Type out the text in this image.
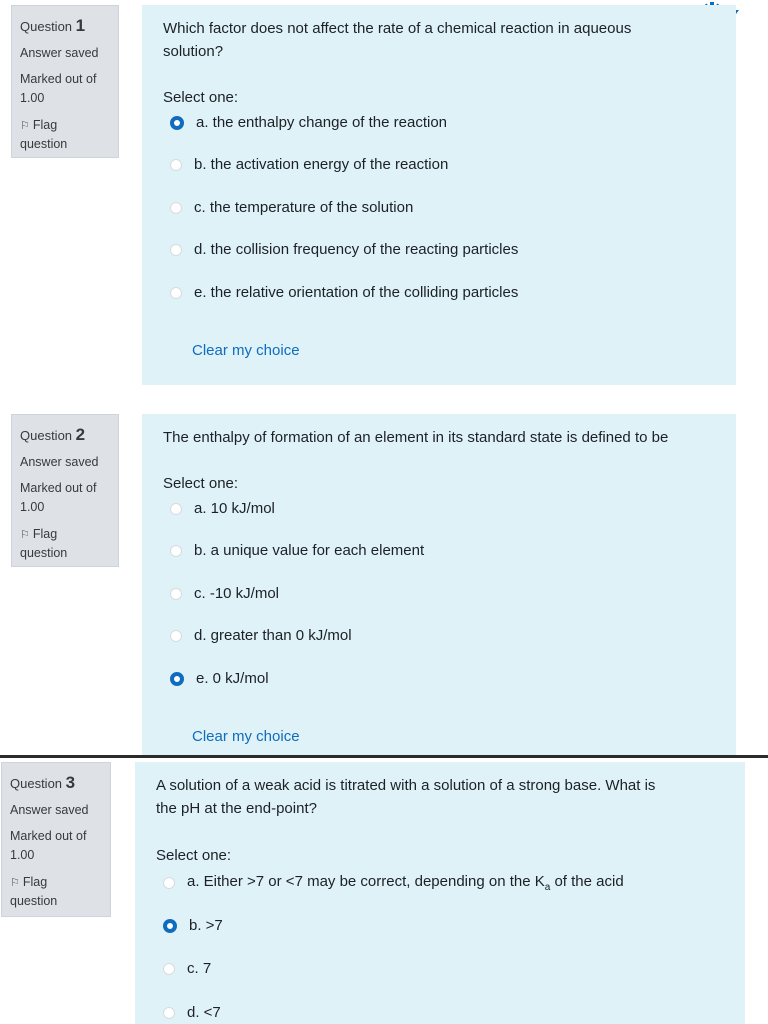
Question 1
Answer saved
Marked out of
1.00
⚐ Flag
question
Which factor does not affect the rate of a chemical reaction in aqueous
solution?
Select one:
a. the enthalpy change of the reaction
b. the activation energy of the reaction
c. the temperature of the solution
d. the collision frequency of the reacting particles
e. the relative orientation of the colliding particles
Clear my choice
Question 2
Answer saved
Marked out of
1.00
⚐ Flag
question
The enthalpy of formation of an element in its standard state is defined to be
Select one:
a. 10 kJ/mol
b. a unique value for each element
c. -10 kJ/mol
d. greater than 0 kJ/mol
e. 0 kJ/mol
Clear my choice
Question 3
Answer saved
Marked out of
1.00
⚐ Flag
question
A solution of a weak acid is titrated with a solution of a strong base. What is
the pH at the end-point?
Select one:
a. Either >7 or <7 may be correct, depending on the $K_a$ of the acid
b. >7
c. 7
d. <7
